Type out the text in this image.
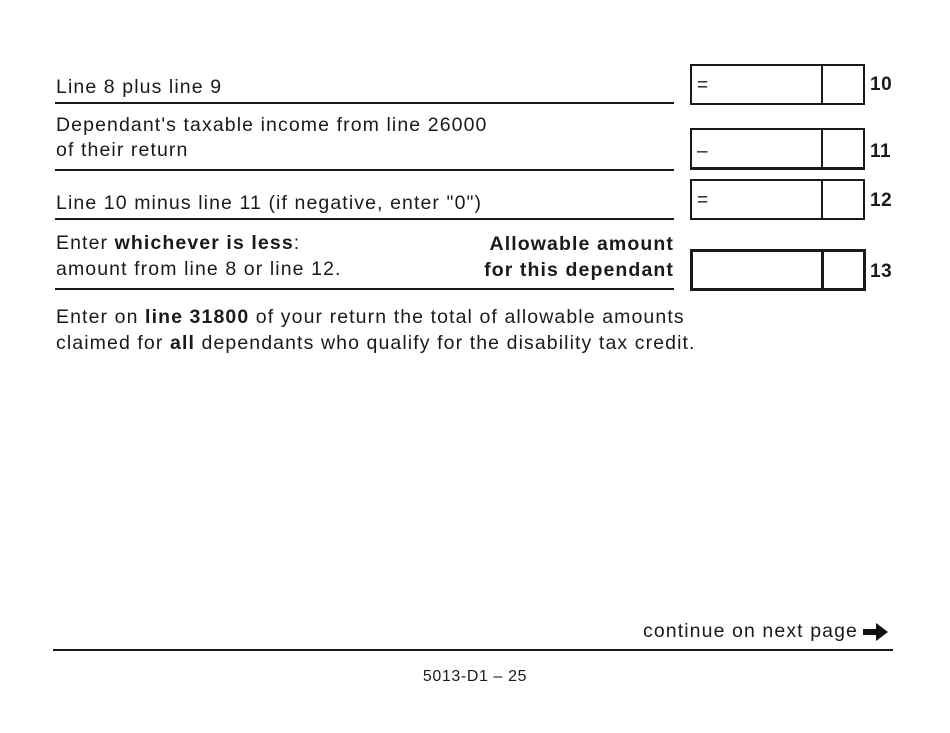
Line 8 plus line 9	=	10
Dependant's taxable income from line 26000
of their return	–	11
Line 10 minus line 11 (if negative, enter "0")	=	12
Enter whichever is less:
amount from line 8 or line 12.
Allowable amount
for this dependant	13
Enter on line 31800 of your return the total of allowable amounts
claimed for all dependants who qualify for the disability tax credit.
continue on next page
5013-D1 – 25
